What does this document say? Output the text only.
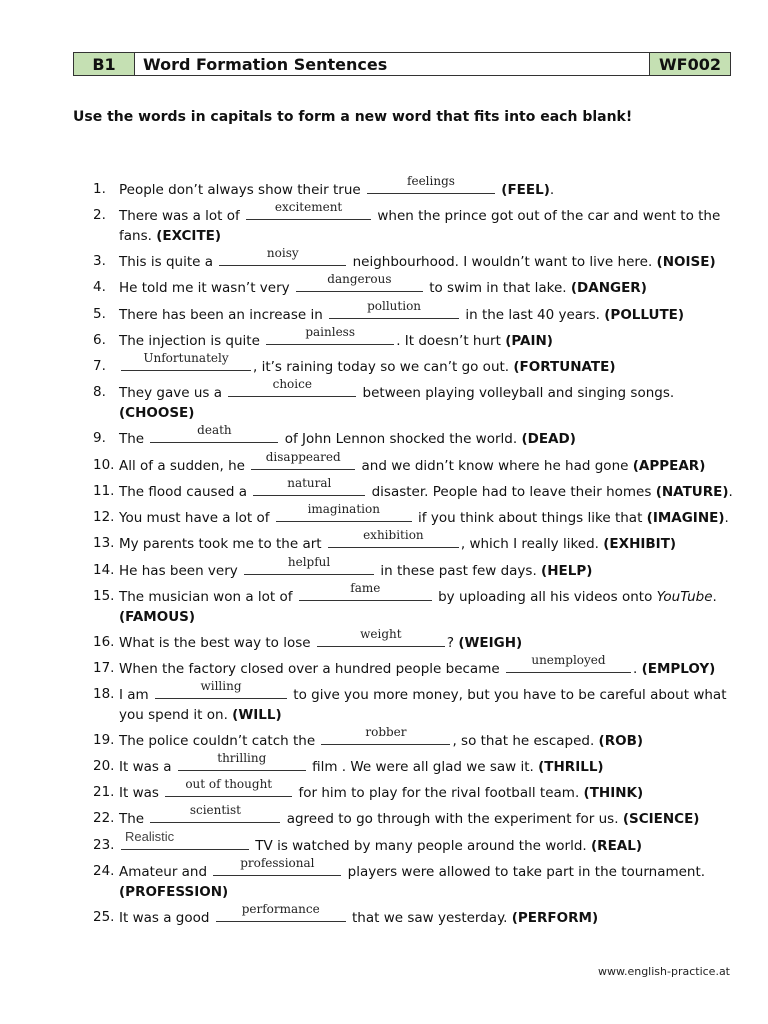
B1	Word Formation Sentences	WF002
Use the words in capitals to form a new word that fits into each blank!
1. People don’t always show their true
feelings
(FEEL).
2. There was a lot of
excitement
when the prince got out of the car and went to the fans. (EXCITE)
3. This is quite a
noisy
neighbourhood. I wouldn’t want to live here. (NOISE)
4. He told me it wasn’t very
dangerous
to swim in that lake. (DANGER)
5. There has been an increase in
pollution
in the last 40 years. (POLLUTE)
6. The injection is quite
painless
. It doesn’t hurt (PAIN)
7.	Unfortunately
, it’s raining today so we can’t go out. (FORTUNATE)
8. They gave us a
choice
between playing volleyball and singing songs. (CHOOSE)
9. The
death
of John Lennon shocked the world. (DEAD)
10. All of a sudden, he
disappeared
and we didn’t know where he had gone (APPEAR)
11. The flood caused a
natural
disaster. People had to leave their homes (NATURE).
12. You must have a lot of
imagination
if you think about things like that (IMAGINE).
13. My parents took me to the art
exhibition
, which I really liked. (EXHIBIT)
14. He has been very
helpful
in these past few days. (HELP)
15. The musician won a lot of
fame
by uploading all his videos onto YouTube. (FAMOUS)
16. What is the best way to lose
weight
? (WEIGH)
17. When the factory closed over a hundred people became
unemployed
. (EMPLOY)
18. I am
willing
to give you more money, but you have to be careful about what you spend it on. (WILL)
19. The police couldn’t catch the
robber
, so that he escaped. (ROB)
20. It was a
thrilling
film . We were all glad we saw it. (THRILL)
21. It was
out of thought
for him to play for the rival football team. (THINK)
22. The
scientist
agreed to go through with the experiment for us. (SCIENCE)
23.
Realistic
TV is watched by many people around the world. (REAL)
24. Amateur and
professional
players were allowed to take part in the tournament. (PROFESSION)
25. It was a good
performance
that we saw yesterday. (PERFORM)
www.english-practice.at
